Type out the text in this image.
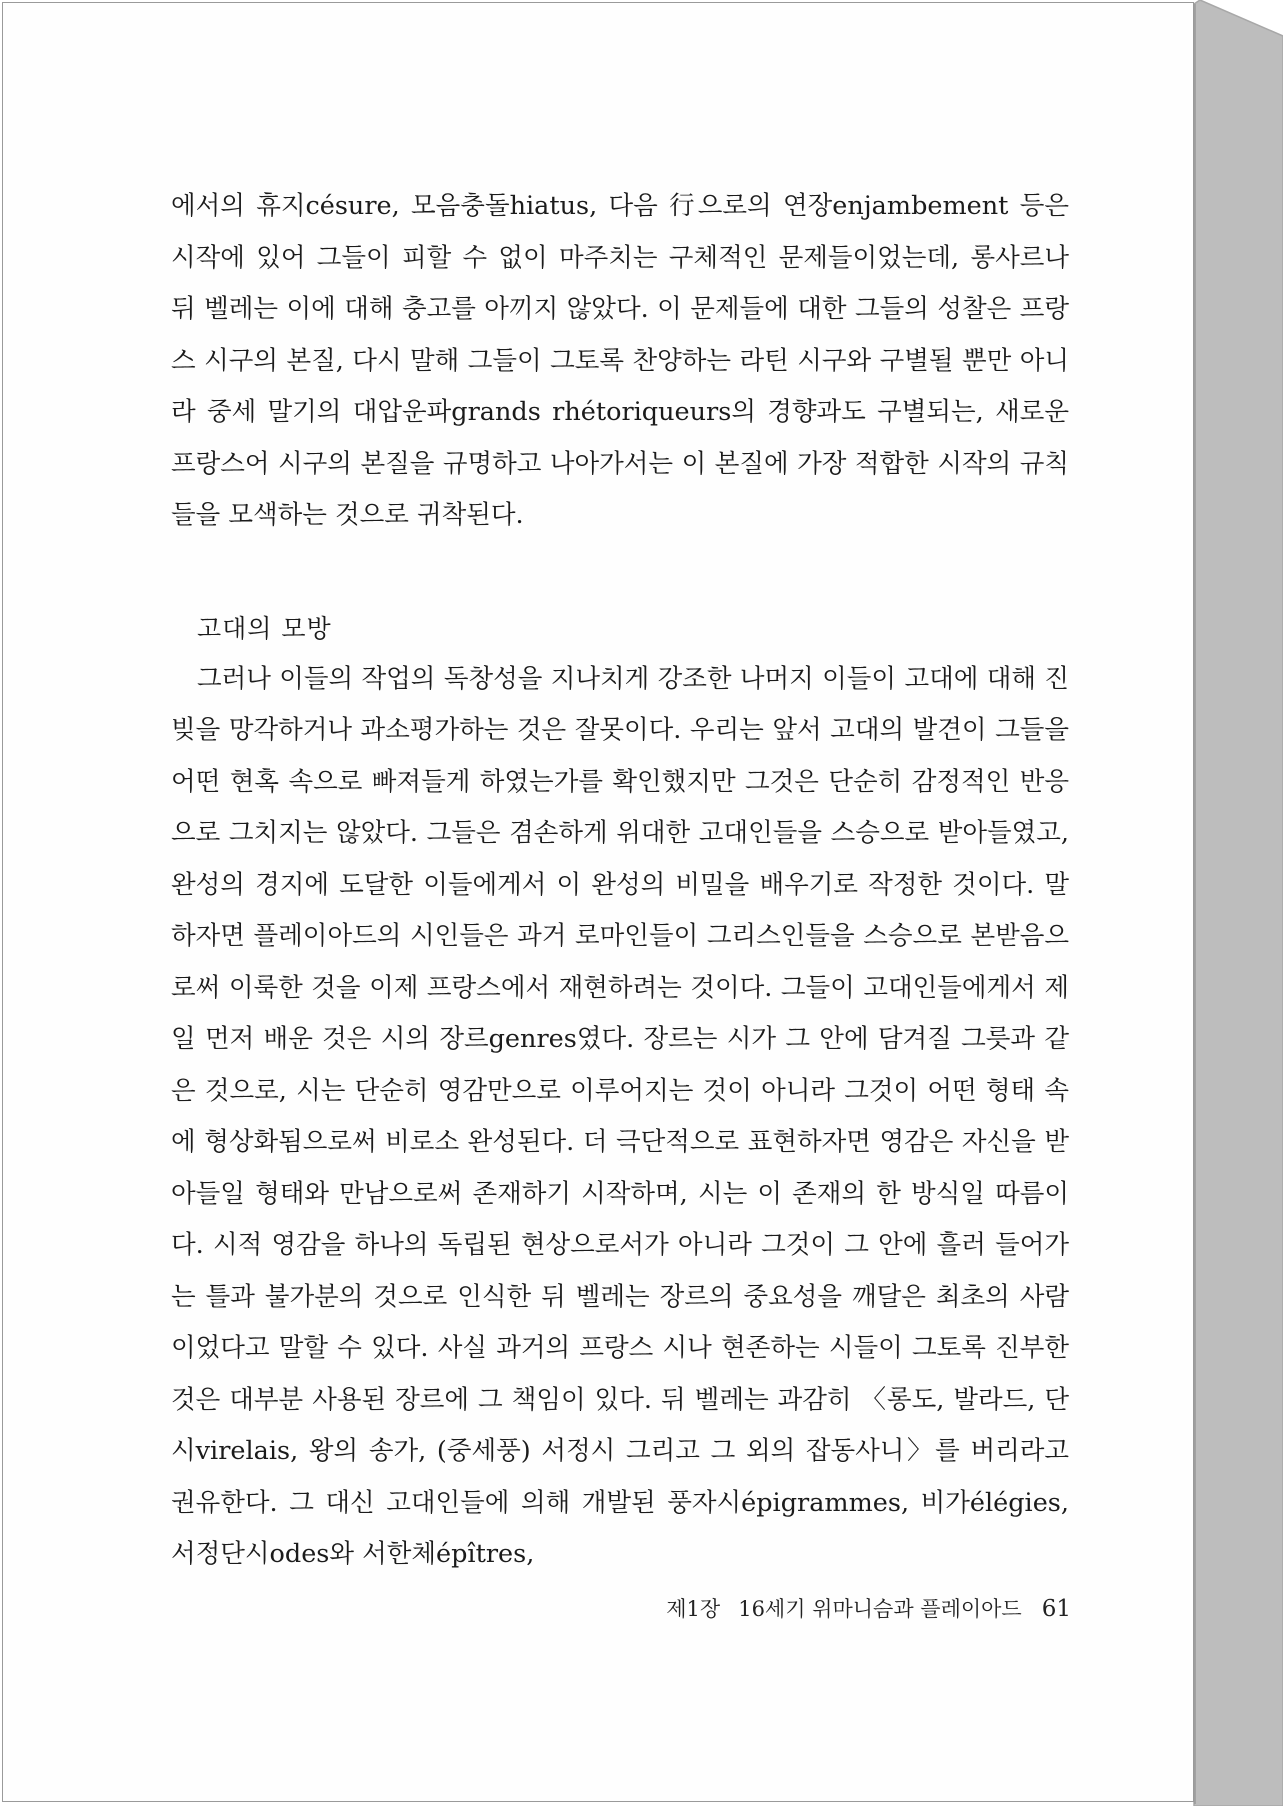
에서의 휴지césure, 모음충돌hiatus, 다음 行으로의 연장enjambement 등은 시작에 있어 그들이 피할 수 없이 마주치는 구체적인 문제들이었는데, 롱사르나 뒤 벨레는 이에 대해 충고를 아끼지 않았다. 이 문제들에 대한 그들의 성찰은 프랑스 시구의 본질, 다시 말해 그들이 그토록 찬양하는 라틴 시구와 구별될 뿐만 아니라 중세 말기의 대압운파grands rhétoriqueurs의 경향과도 구별되는, 새로운 프랑스어 시구의 본질을 규명하고 나아가서는 이 본질에 가장 적합한 시작의 규칙들을 모색하는 것으로 귀착된다.

고대의 모방

그러나 이들의 작업의 독창성을 지나치게 강조한 나머지 이들이 고대에 대해 진 빚을 망각하거나 과소평가하는 것은 잘못이다. 우리는 앞서 고대의 발견이 그들을 어떤 현혹 속으로 빠져들게 하였는가를 확인했지만 그것은 단순히 감정적인 반응으로 그치지는 않았다. 그들은 겸손하게 위대한 고대인들을 스승으로 받아들였고, 완성의 경지에 도달한 이들에게서 이 완성의 비밀을 배우기로 작정한 것이다. 말하자면 플레이아드의 시인들은 과거 로마인들이 그리스인들을 스승으로 본받음으로써 이룩한 것을 이제 프랑스에서 재현하려는 것이다. 그들이 고대인들에게서 제일 먼저 배운 것은 시의 장르genres였다. 장르는 시가 그 안에 담겨질 그릇과 같은 것으로, 시는 단순히 영감만으로 이루어지는 것이 아니라 그것이 어떤 형태 속에 형상화됨으로써 비로소 완성된다. 더 극단적으로 표현하자면 영감은 자신을 받아들일 형태와 만남으로써 존재하기 시작하며, 시는 이 존재의 한 방식일 따름이다. 시적 영감을 하나의 독립된 현상으로서가 아니라 그것이 그 안에 흘러 들어가는 틀과 불가분의 것으로 인식한 뒤 벨레는 장르의 중요성을 깨달은 최초의 사람이었다고 말할 수 있다. 사실 과거의 프랑스 시나 현존하는 시들이 그토록 진부한 것은 대부분 사용된 장르에 그 책임이 있다. 뒤 벨레는 과감히 〈롱도, 발라드, 단시virelais, 왕의 송가, (중세풍) 서정시 그리고 그 외의 잡동사니〉를 버리라고 권유한다. 그 대신 고대인들에 의해 개발된 풍자시épigrammes, 비가élégies, 서정단시odes와 서한체épîtres,

제1장 16세기 위마니슴과 플레이아드 61
